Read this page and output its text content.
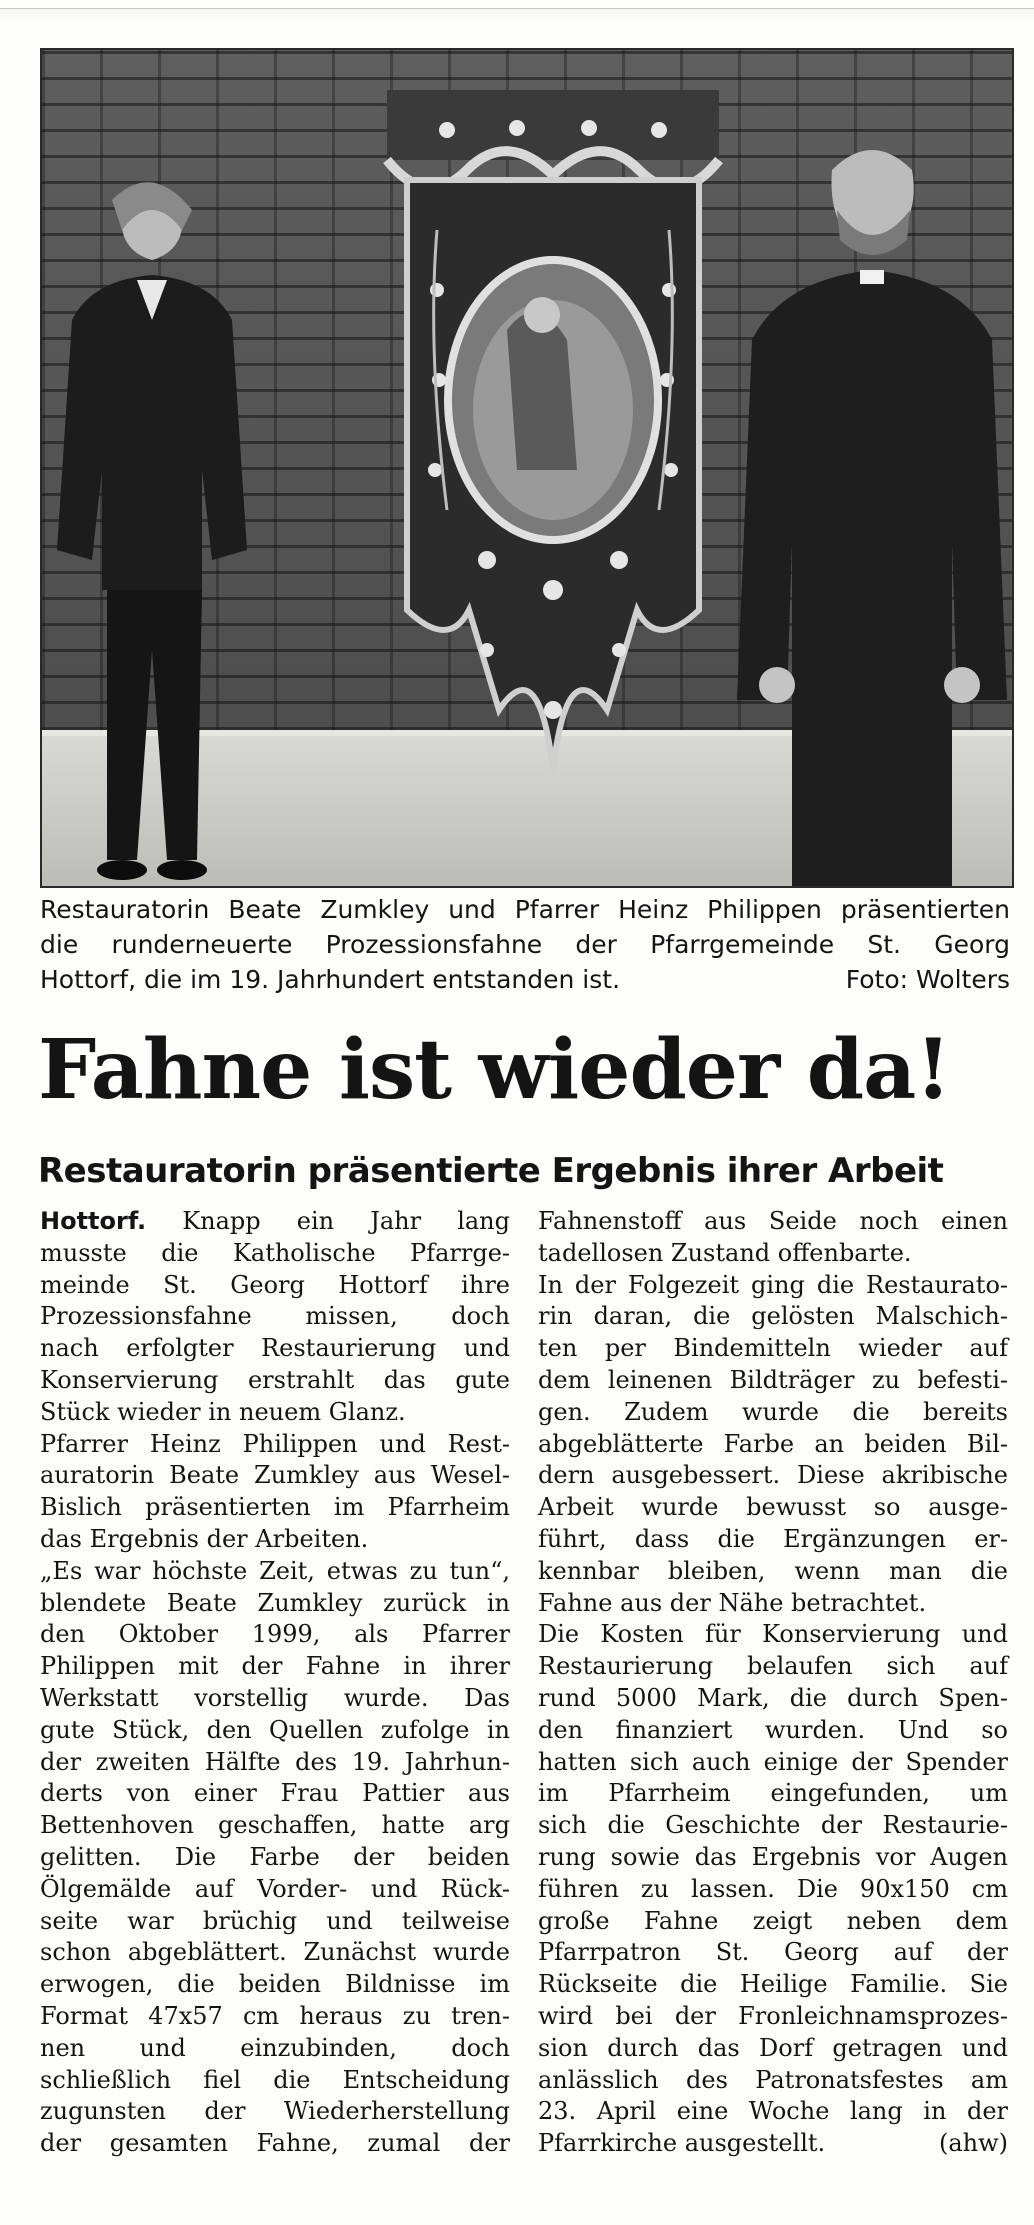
Restauratorin Beate Zumkley und Pfarrer Heinz Philippen präsentierten
die runderneuerte Prozessionsfahne der Pfarrgemeinde St. Georg
Hottorf, die im 19. Jahrhundert entstanden ist.	Foto: Wolters
Fahne ist wieder da!
Restauratorin präsentierte Ergebnis ihrer Arbeit
Hottorf. Knapp ein Jahr lang
musste die Katholische Pfarrge-
meinde St. Georg Hottorf ihre
Prozessionsfahne missen, doch
nach erfolgter Restaurierung und
Konservierung erstrahlt das gute
Stück wieder in neuem Glanz.
Pfarrer Heinz Philippen und Rest-
auratorin Beate Zumkley aus Wesel-
Bislich präsentierten im Pfarrheim
das Ergebnis der Arbeiten.
„Es war höchste Zeit, etwas zu tun“,
blendete Beate Zumkley zurück in
den Oktober 1999, als Pfarrer
Philippen mit der Fahne in ihrer
Werkstatt vorstellig wurde. Das
gute Stück, den Quellen zufolge in
der zweiten Hälfte des 19. Jahrhun-
derts von einer Frau Pattier aus
Bettenhoven geschaffen, hatte arg
gelitten. Die Farbe der beiden
Ölgemälde auf Vorder- und Rück-
seite war brüchig und teilweise
schon abgeblättert. Zunächst wurde
erwogen, die beiden Bildnisse im
Format 47x57 cm heraus zu tren-
nen und einzubinden, doch
schließlich fiel die Entscheidung
zugunsten der Wiederherstellung
der gesamten Fahne, zumal der
Fahnenstoff aus Seide noch einen
tadellosen Zustand offenbarte.
In der Folgezeit ging die Restaurato-
rin daran, die gelösten Malschich-
ten per Bindemitteln wieder auf
dem leinenen Bildträger zu befesti-
gen. Zudem wurde die bereits
abgeblätterte Farbe an beiden Bil-
dern ausgebessert. Diese akribische
Arbeit wurde bewusst so ausge-
führt, dass die Ergänzungen er-
kennbar bleiben, wenn man die
Fahne aus der Nähe betrachtet.
Die Kosten für Konservierung und
Restaurierung belaufen sich auf
rund 5000 Mark, die durch Spen-
den finanziert wurden. Und so
hatten sich auch einige der Spender
im Pfarrheim eingefunden, um
sich die Geschichte der Restaurie-
rung sowie das Ergebnis vor Augen
führen zu lassen. Die 90x150 cm
große Fahne zeigt neben dem
Pfarrpatron St. Georg auf der
Rückseite die Heilige Familie. Sie
wird bei der Fronleichnamsprozes-
sion durch das Dorf getragen und
anlässlich des Patronatsfestes am
23. April eine Woche lang in der
Pfarrkirche ausgestellt.	(ahw)
